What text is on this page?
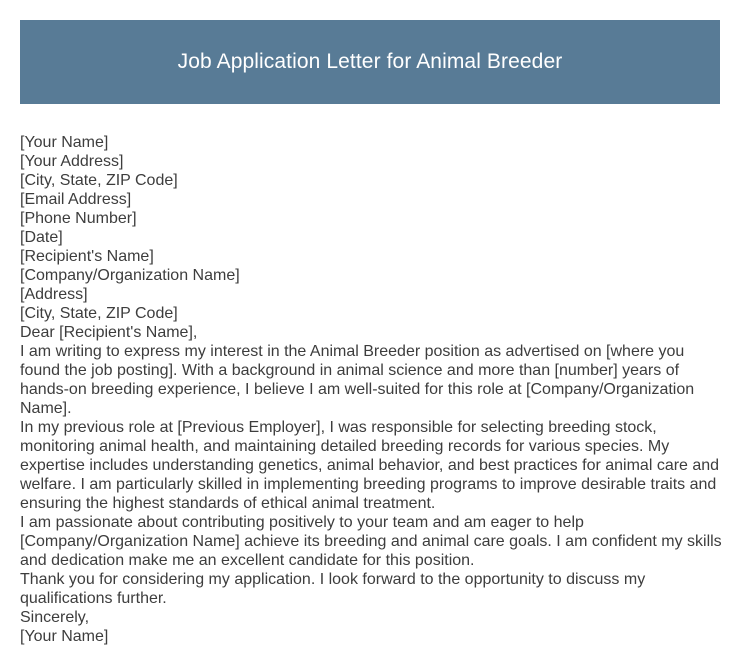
Job Application Letter for Animal Breeder

[Your Name]

[Your Address]

[City, State, ZIP Code]

[Email Address]

[Phone Number]

[Date]

[Recipient's Name]

[Company/Organization Name]

[Address]

[City, State, ZIP Code]

Dear [Recipient's Name],

I am writing to express my interest in the Animal Breeder position as advertised on [where you found the job posting]. With a background in animal science and more than [number] years of hands-on breeding experience, I believe I am well-suited for this role at [Company/Organization Name].

In my previous role at [Previous Employer], I was responsible for selecting breeding stock, monitoring animal health, and maintaining detailed breeding records for various species. My expertise includes understanding genetics, animal behavior, and best practices for animal care and welfare. I am particularly skilled in implementing breeding programs to improve desirable traits and ensuring the highest standards of ethical animal treatment.

I am passionate about contributing positively to your team and am eager to help [Company/Organization Name] achieve its breeding and animal care goals. I am confident my skills and dedication make me an excellent candidate for this position.

Thank you for considering my application. I look forward to the opportunity to discuss my qualifications further.

Sincerely,

[Your Name]
